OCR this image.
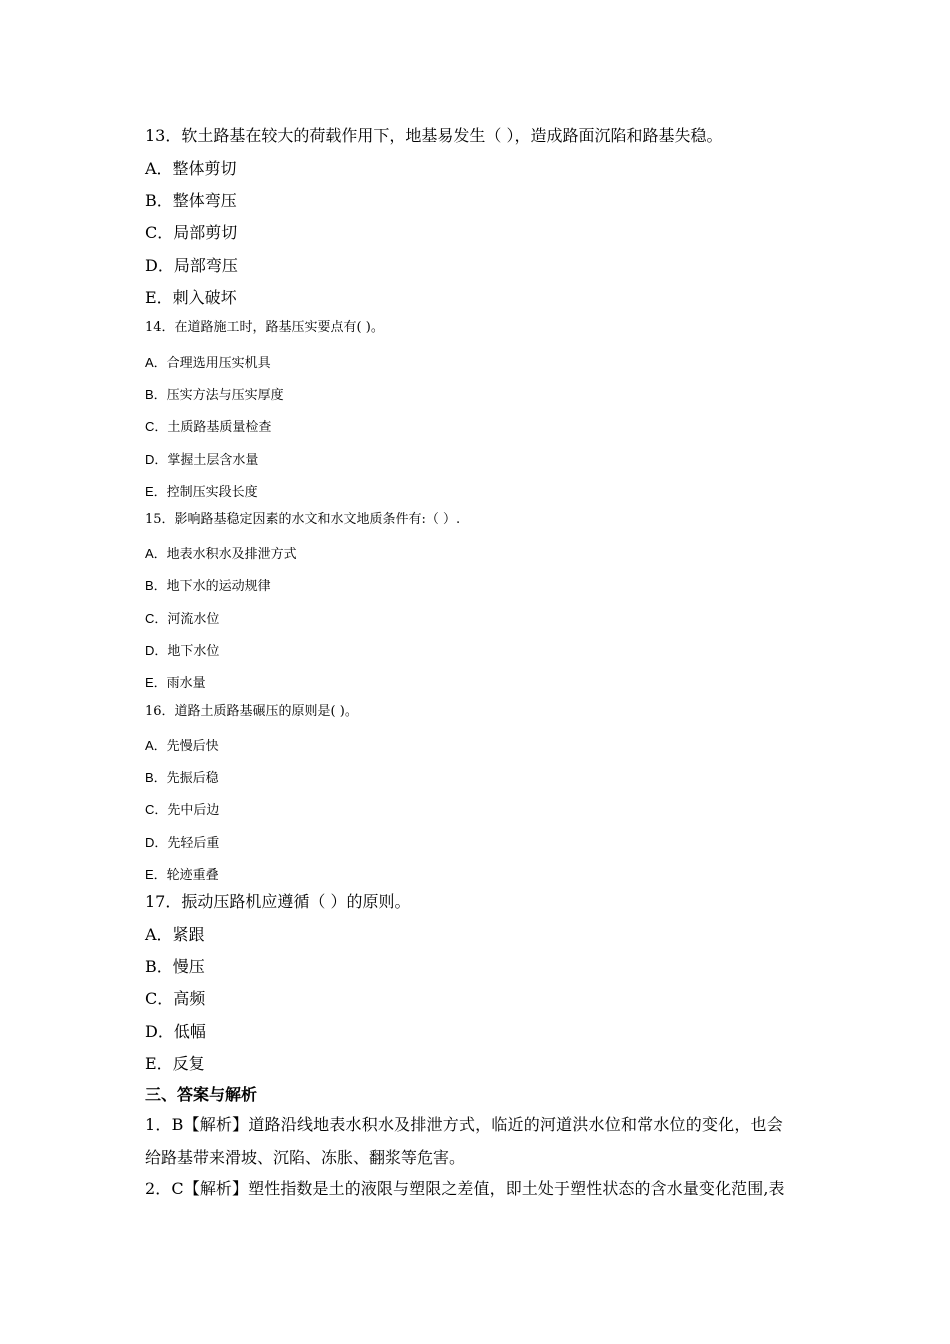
13．软土路基在较大的荷载作用下，地基易发生（ ），造成路面沉陷和路基失稳。
A．整体剪切
B．整体弯压
C．局部剪切
D．局部弯压
E．刺入破坏
14．在道路施工时，路基压实要点有( )。
A．合理选用压实机具
B．压实方法与压实厚度
C．土质路基质量检查
D．掌握土层含水量
E．控制压实段长度
15．影响路基稳定因素的水文和水文地质条件有:（ ）.
A．地表水积水及排泄方式
B．地下水的运动规律
C．河流水位
D．地下水位
E．雨水量
16．道路土质路基碾压的原则是( )。
A．先慢后快
B．先振后稳
C．先中后边
D．先轻后重
E．轮迹重叠
17．振动压路机应遵循（ ）的原则。
A．紧跟
B．慢压
C．高频
D．低幅
E．反复
三、答案与解析
1．B【解析】道路沿线地表水积水及排泄方式，临近的河道洪水位和常水位的变化，也会
给路基带来滑坡、沉陷、冻胀、翻浆等危害。
2．C【解析】塑性指数是土的液限与塑限之差值，即土处于塑性状态的含水量变化范围,表
